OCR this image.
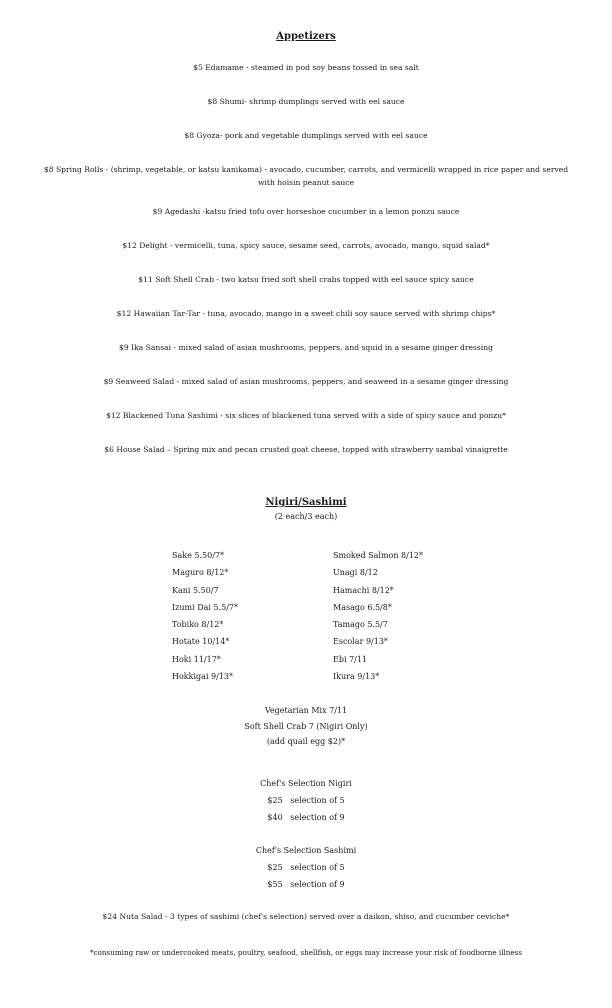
Appetizers
$5 Edamame - steamed in pod soy beans tossed in sea salt
$8 Shumi- shrimp dumplings served with eel sauce
$8 Gyoza- pork and vegetable dumplings served with eel sauce
$8 Spring Rolls - (shrimp, vegetable, or katsu kanikama) - avocado, cucumber, carrots, and vermicelli wrapped in rice paper and served with hoisin peanut sauce
$9 Agedashi -katsu fried tofu over horseshoe cucumber in a lemon ponzu sauce
$12 Delight - vermicelli, tuna, spicy sauce, sesame seed, carrots, avocado, mango, squid salad*
$11 Soft Shell Crab - two katsu fried soft shell crabs topped with eel sauce spicy sauce
$12 Hawaiian Tar-Tar - tuna, avocado, mango in a sweet chili soy sauce served with shrimp chips*
$9 Ika Sansai - mixed salad of asian mushrooms, peppers, and squid in a sesame ginger dressing
$9 Seaweed Salad - mixed salad of asian mushrooms, peppers, and seaweed in a sesame ginger dressing
$12 Blackened Tuna Sashimi - six slices of blackened tuna served with a side of spicy sauce and ponzu*
$6 House Salad – Spring mix and pecan crusted goat cheese, topped with strawberry sambal vinaigrette
Nigiri/Sashimi
(2 each/3 each)
Sake 5.50/7*
Maguro 8/12*
Kani 5.50/7
Izumi Dai 5.5/7*
Tobiko 8/12*
Hotate 10/14*
Hoki 11/17*
Hokkigai 9/13*
Smoked Salmon 8/12*
Unagi 8/12
Hamachi 8/12*
Masago 6.5/8*
Tamago 5.5/7
Escolar 9/13*
Ebi 7/11
Ikura 9/13*
Vegetarian Mix 7/11
Soft Shell Crab 7 (Nigiri Only)
(add quail egg $2)*
Chef's Selection Nigiri
$25   selection of 5
$40   selection of 9
Chef's Selection Sashimi
$25   selection of 5
$55   selection of 9
$24 Nuta Salad - 3 types of sashimi (chef's selection) served over a daikon, shiso, and cucumber ceviche*
*consuming raw or undercooked meats, poultry, seafood, shellfish, or eggs may increase your risk of foodborne illness
